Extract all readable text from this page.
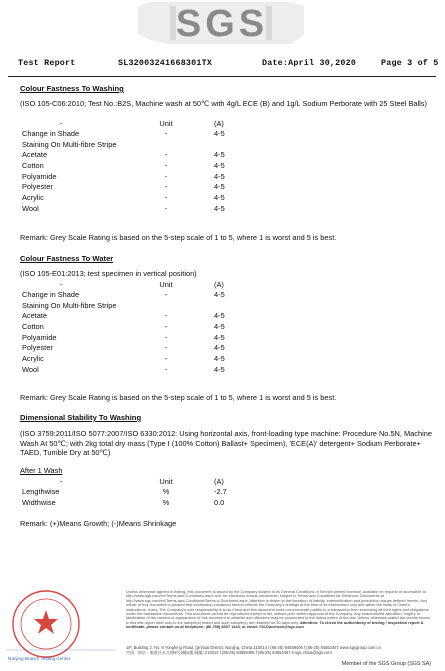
SGS
Test Report	SL32003241668301TX	Date:April 30,2020	Page 3 of 5
Colour Fastness To Washing
(ISO 105-C06:2010; Test No.:B2S, Machine wash at 50℃ with 4g/L ECE (B) and 1g/L Sodium Perborate with 25 Steel Balls)
-	Unit	(A)
Change in Shade	-	4-5
Staining On Multi-fibre Stripe
Acetate	-	4-5
Cotton	-	4-5
Polyamide	-	4-5
Polyester	-	4-5
Acrylic	-	4-5
Wool	-	4-5
Remark: Grey Scale Rating is based on the 5-step scale of 1 to 5, where 1 is worst and 5 is best.
Colour Fastness To Water
(ISO 105-E01:2013; test specimen in vertical position)
-	Unit	(A)
Change in Shade	-	4-5
Staining On Multi-fibre Stripe
Acetate	-	4-5
Cotton	-	4-5
Polyamide	-	4-5
Polyester	-	4-5
Acrylic	-	4-5
Wool	-	4-5
Remark: Grey Scale Rating is based on the 5-step scale of 1 to 5, where 1 is worst and 5 is best.
Dimensional Stability To Washing
(ISO 3759:2011/ISO 5077:2007/ISO 6330:2012: Using horizontal axis, front-loading type machine: Procedure No.5N, Machine Wash At 50℃; with 2kg total dry mass (Type I (100% Cotton) Ballast+ Specimen), 'ECE(A)' detergent+ Sodium Perborate+ TAED, Tumble Dry at 50℃)
After 1 Wash
-	Unit	(A)
Lengthwise	%	-2.7
Widthwise	%	0.0
Remark: (+)Means Growth; (-)Means Shrinkage
Nanjing Branch Testing Center
Unless otherwise agreed in writing, this document is issued by the Company subject to its General Conditions of Service printed overleaf, available on request or accessible at http://www.sgs.com/en/Terms-and-Conditions.aspx and, for electronic format documents, subject to Terms and Conditions for Electronic Documents at http://www.sgs.com/en/Terms-and-Conditions/Terms-e-Document.aspx. Attention is drawn to the limitation of liability, indemnification and jurisdiction issues defined therein. Any holder of this document is advised that information contained hereon reflects the Company's findings at the time of its intervention only and within the limits of Client's instructions, if any. The Company's sole responsibility is to its Client and this document does not exonerate parties to a transaction from exercising all their rights and obligations under the transaction documents. This document cannot be reproduced except in full, without prior written approval of the Company. Any unauthorized alteration, forgery or falsification of the content or appearance of this document is unlawful and offenders may be prosecuted to the fullest extent of the law. Unless otherwise stated the results shown in this test report refer only to the sample(s) tested and such sample(s) are retained for 30 days only. Attention: To check the authenticity of testing / inspection report & certificate, please contact us at telephone: (86-755) 8307 1443, or email: CN.Doccheck@sgs.com
1/F, Building 2, No. 8 Yongfeng Road, Qinhuai District, Nanjing, China 210014 t (86-25) 84559406 f (86-25) 84553467 www.sgsgroup.com.cn
中国 · 南京 · 秦淮区永丰路8号2幢1楼 邮编: 210014 t (86-25) 84559406 f (86-25) 84553467 e sgs.china@sgs.com
Member of the SGS Group (SGS SA)
